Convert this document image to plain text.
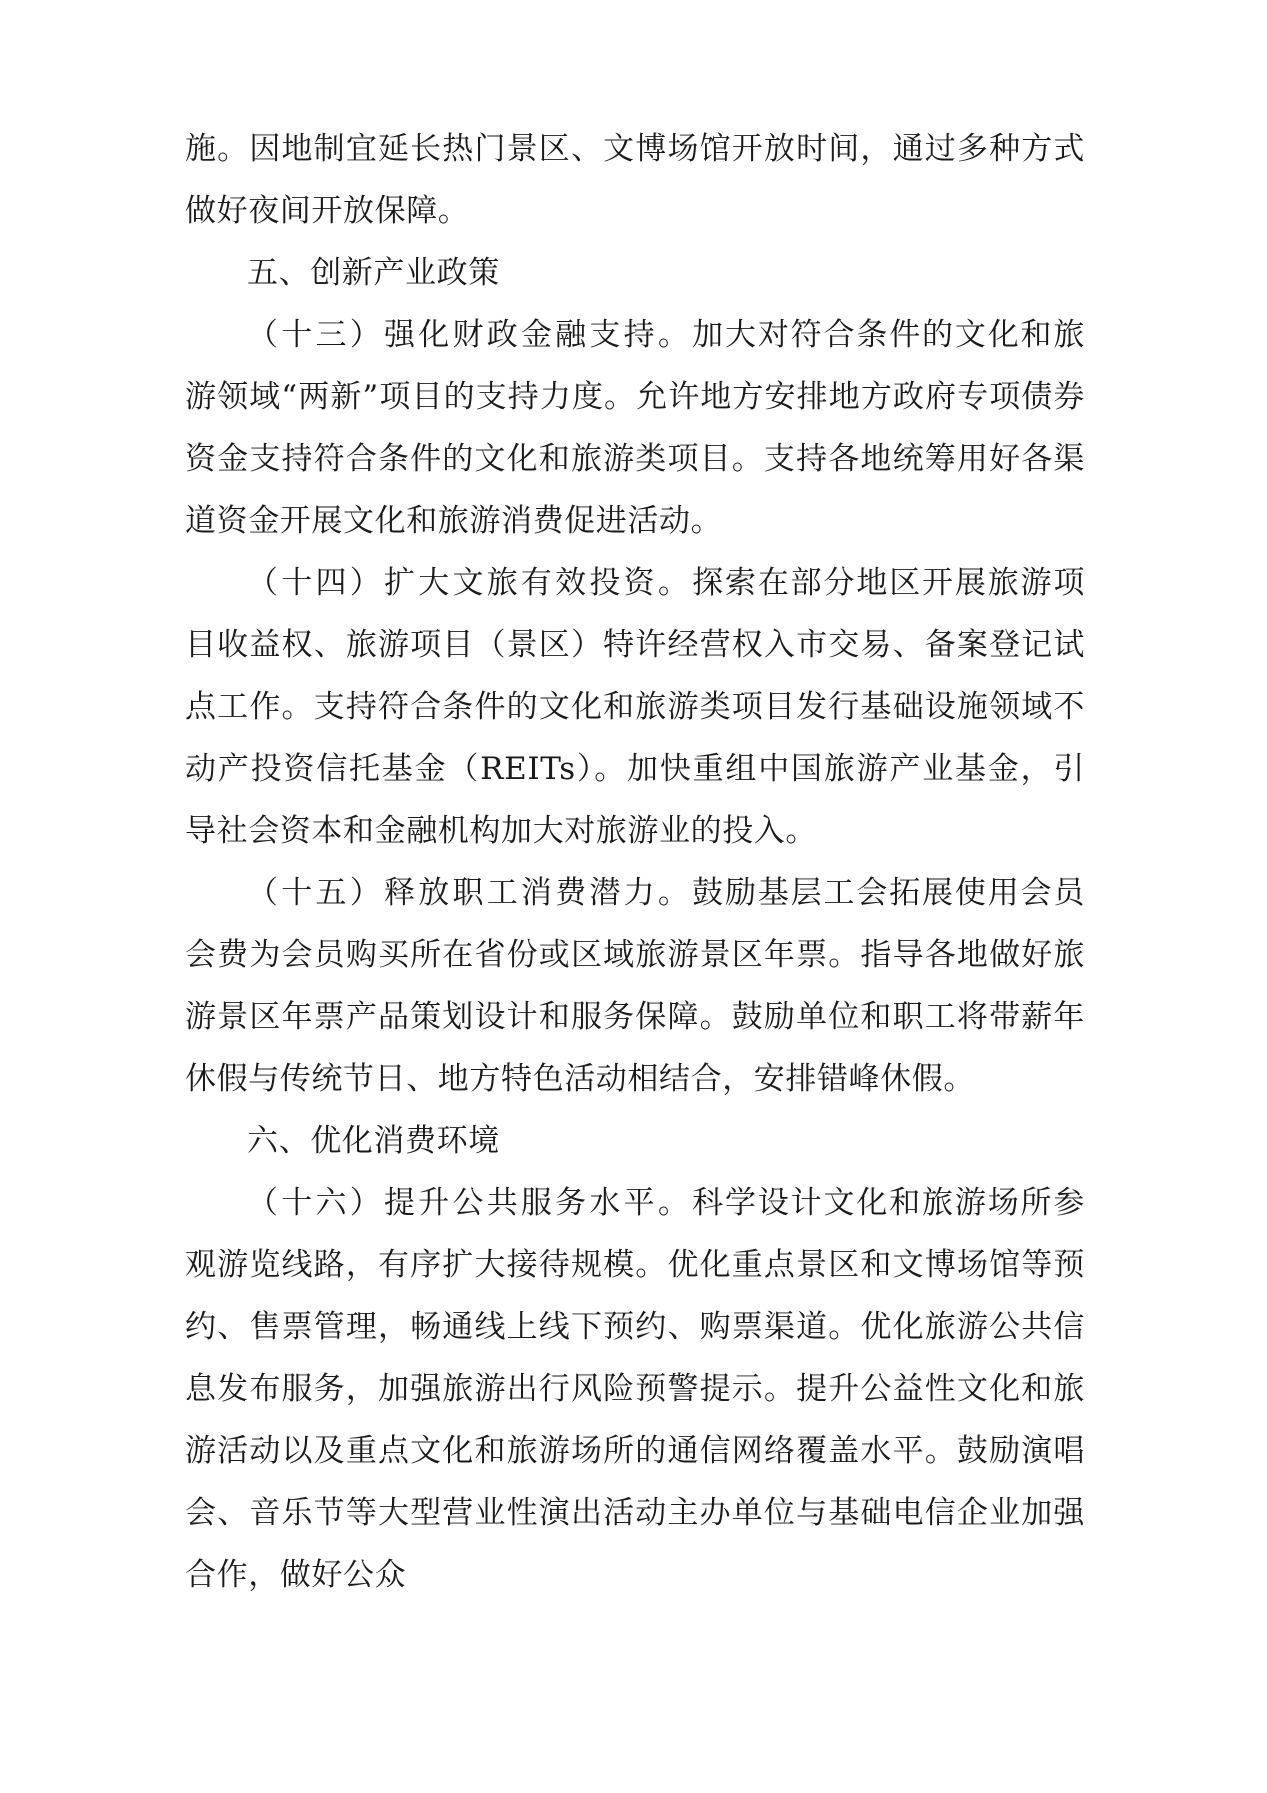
施。因地制宜延长热门景区、文博场馆开放时间，通过多种方式做好夜间开放保障。

五、创新产业政策

（十三）强化财政金融支持。加大对符合条件的文化和旅游领域“两新”项目的支持力度。允许地方安排地方政府专项债券资金支持符合条件的文化和旅游类项目。支持各地统筹用好各渠道资金开展文化和旅游消费促进活动。

（十四）扩大文旅有效投资。探索在部分地区开展旅游项目收益权、旅游项目（景区）特许经营权入市交易、备案登记试点工作。支持符合条件的文化和旅游类项目发行基础设施领域不动产投资信托基金（REITs）。加快重组中国旅游产业基金，引导社会资本和金融机构加大对旅游业的投入。

（十五）释放职工消费潜力。鼓励基层工会拓展使用会员会费为会员购买所在省份或区域旅游景区年票。指导各地做好旅游景区年票产品策划设计和服务保障。鼓励单位和职工将带薪年休假与传统节日、地方特色活动相结合，安排错峰休假。

六、优化消费环境

（十六）提升公共服务水平。科学设计文化和旅游场所参观游览线路，有序扩大接待规模。优化重点景区和文博场馆等预约、售票管理，畅通线上线下预约、购票渠道。优化旅游公共信息发布服务，加强旅游出行风险预警提示。提升公益性文化和旅游活动以及重点文化和旅游场所的通信网络覆盖水平。鼓励演唱会、音乐节等大型营业性演出活动主办单位与基础电信企业加强合作，做好公众
